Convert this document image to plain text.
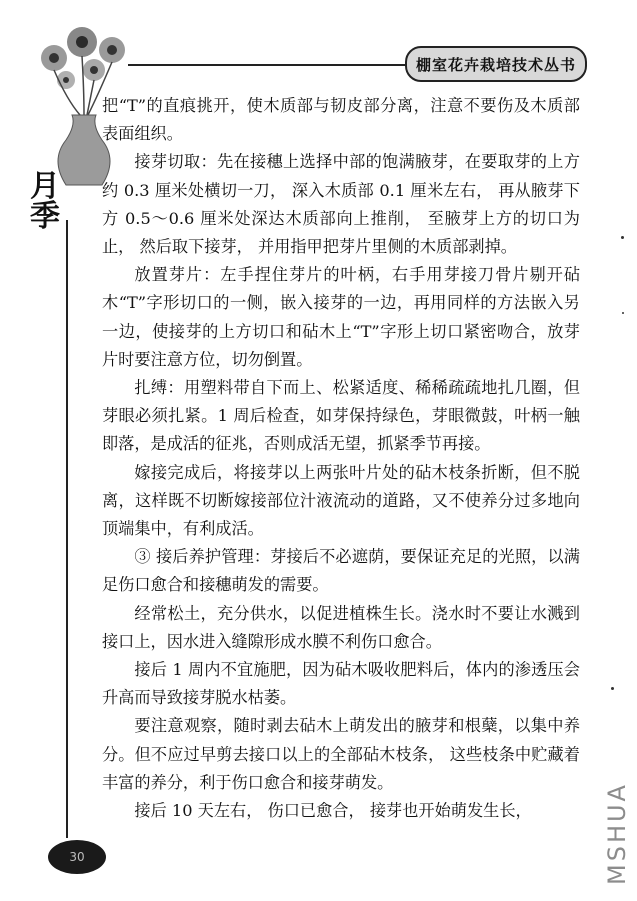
棚室花卉栽培技术丛书
月
季

把“T”的直痕挑开，使木质部与韧皮部分离，注意不要伤及木质部表面组织。

接芽切取：先在接穗上选择中部的饱满腋芽，在要取芽的上方约 0.3 厘米处横切一刀， 深入木质部 0.1 厘米左右， 再从腋芽下方 0.5～0.6 厘米处深达木质部向上推削， 至腋芽上方的切口为止， 然后取下接芽， 并用指甲把芽片里侧的木质部剥掉。

放置芽片：左手捏住芽片的叶柄，右手用芽接刀骨片剔开砧木“T”字形切口的一侧，嵌入接芽的一边，再用同样的方法嵌入另一边，使接芽的上方切口和砧木上“T”字形上切口紧密吻合，放芽片时要注意方位，切勿倒置。

扎缚：用塑料带自下而上、松紧适度、稀稀疏疏地扎几圈，但芽眼必须扎紧。1 周后检查，如芽保持绿色，芽眼微鼓，叶柄一触即落，是成活的征兆，否则成活无望，抓紧季节再接。

嫁接完成后，将接芽以上两张叶片处的砧木枝条折断，但不脱离，这样既不切断嫁接部位汁液流动的道路，又不使养分过多地向顶端集中，有利成活。

③ 接后养护管理：芽接后不必遮荫，要保证充足的光照，以满足伤口愈合和接穗萌发的需要。

经常松土，充分供水，以促进植株生长。浇水时不要让水溅到接口上，因水进入缝隙形成水膜不利伤口愈合。

接后 1 周内不宜施肥，因为砧木吸收肥料后，体内的渗透压会升高而导致接芽脱水枯萎。

要注意观察，随时剥去砧木上萌发出的腋芽和根蘖，以集中养分。但不应过早剪去接口以上的全部砧木枝条， 这些枝条中贮藏着丰富的养分，利于伤口愈合和接芽萌发。

接后 10 天左右， 伤口已愈合， 接芽也开始萌发生长，

30	MSHUA
